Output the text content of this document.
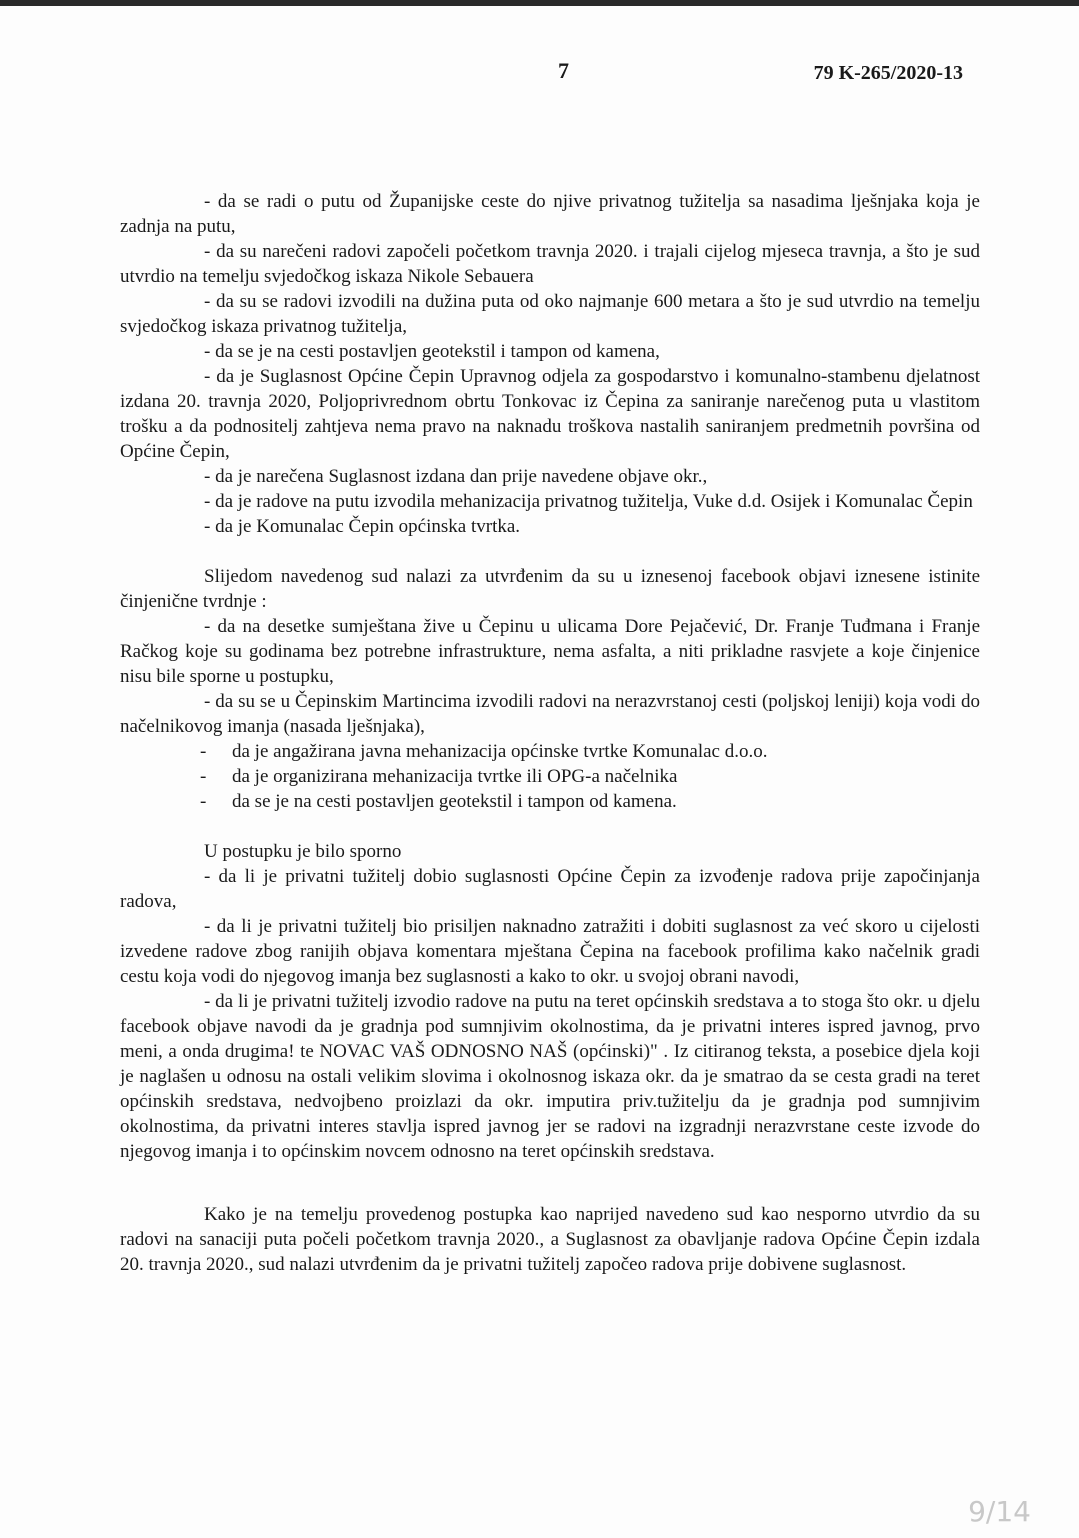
7	79 K-265/2020-13

- da se radi o putu od Županijske ceste do njive privatnog tužitelja sa nasadima lješnjaka koja je zadnja na putu,

- da su narečeni radovi započeli početkom travnja 2020. i trajali cijelog mjeseca travnja, a što je sud utvrdio na temelju svjedočkog iskaza Nikole Sebauera

- da su se radovi izvodili na dužina puta od oko najmanje 600 metara a što je sud utvrdio na temelju svjedočkog iskaza privatnog tužitelja,

- da se je na cesti postavljen geotekstil i tampon od kamena,

- da je Suglasnost Općine Čepin Upravnog odjela za gospodarstvo i komunalno-stambenu djelatnost izdana 20. travnja 2020, Poljoprivrednom obrtu Tonkovac iz Čepina za saniranje narečenog puta u vlastitom trošku a da podnositelj zahtjeva nema pravo na naknadu troškova nastalih saniranjem predmetnih površina od Općine Čepin,

- da je narečena Suglasnost izdana dan prije navedene objave okr.,

- da je radove na putu izvodila mehanizacija privatnog tužitelja, Vuke d.d. Osijek i Komunalac Čepin

- da je Komunalac Čepin općinska tvrtka.

Slijedom navedenog sud nalazi za utvrđenim da su u iznesenoj facebook objavi iznesene istinite činjenične tvrdnje :

- da na desetke sumještana žive u Čepinu u ulicama Dore Pejačević, Dr. Franje Tuđmana i Franje Račkog koje su godinama bez potrebne infrastrukture, nema asfalta, a niti prikladne rasvjete a koje činjenice nisu bile sporne u postupku,

- da su se u Čepinskim Martincima izvodili radovi na nerazvrstanoj cesti (poljskoj leniji) koja vodi do načelnikovog imanja (nasada lješnjaka),

-	da je angažirana javna mehanizacija općinske tvrtke Komunalac d.o.o.
-	da je organizirana mehanizacija tvrtke ili OPG-a načelnika
-	da se je na cesti postavljen geotekstil i tampon od kamena.

U postupku je bilo sporno

- da li je privatni tužitelj dobio suglasnosti Općine Čepin za izvođenje radova prije započinjanja radova,

- da li je privatni tužitelj bio prisiljen naknadno zatražiti i dobiti suglasnost za već skoro u cijelosti izvedene radove zbog ranijih objava komentara mještana Čepina na facebook profilima kako načelnik gradi cestu koja vodi do njegovog imanja bez suglasnosti a kako to okr. u svojoj obrani navodi,

- da li je privatni tužitelj izvodio radove na putu na teret općinskih sredstava a to stoga što okr. u djelu facebook objave navodi da je gradnja pod sumnjivim okolnostima, da je privatni interes ispred javnog, prvo meni, a onda drugima! te NOVAC VAŠ ODNOSNO NAŠ (općinski)" . Iz citiranog teksta, a posebice djela koji je naglašen u odnosu na ostali velikim slovima i okolnosnog iskaza okr. da je smatrao da se cesta gradi na teret općinskih sredstava, nedvojbeno proizlazi da okr. imputira priv.tužitelju da je gradnja pod sumnjivim okolnostima, da privatni interes stavlja ispred javnog jer se radovi na izgradnji nerazvrstane ceste izvode do njegovog imanja i to općinskim novcem odnosno na teret općinskih sredstava.

Kako je na temelju provedenog postupka kao naprijed navedeno sud kao nesporno utvrdio da su radovi na sanaciji puta počeli početkom travnja 2020., a Suglasnost za obavljanje radova Općine Čepin izdala 20. travnja 2020., sud nalazi utvrđenim da je privatni tužitelj započeo radova prije dobivene suglasnost.

9/14
